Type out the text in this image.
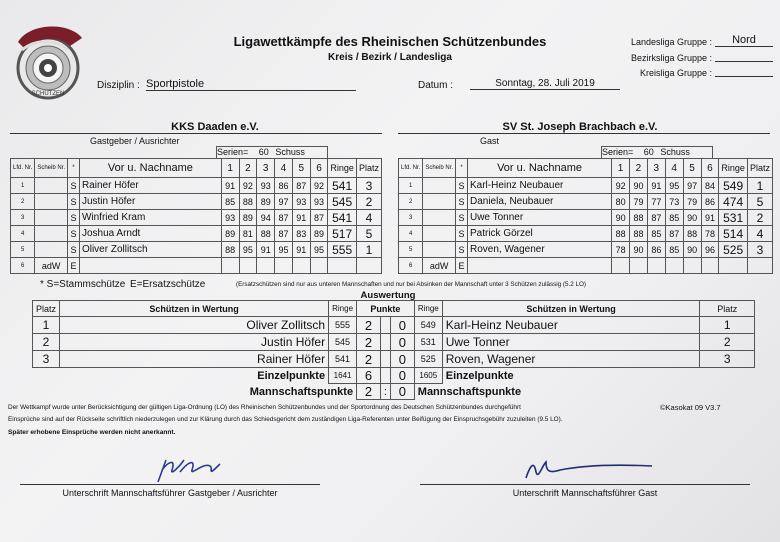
SCHÜTZEN
Ligawettkämpfe des Rheinischen Schützenbundes
Kreis / Bezirk / Landesliga
Landesliga Gruppe :	Nord
Bezirksliga Gruppe :
Kreisliga Gruppe :
Disziplin : Sportpistole	Datum :	Sonntag, 28. Juli 2019
KKS Daaden e.V.
Gastgeber / Ausrichter
SV St. Joseph Brachbach e.V.
Gast
Serien= 60 Schuss	Serien= 60 Schuss
Lfd. Nr.	Scheib Nr.	*	Vor u. Nachname	1	2	3	4	5	6	Ringe	Platz
1		S	Rainer Höfer	91	92	93	86	87	92	541	3
2		S	Justin Höfer	85	88	89	97	93	93	545	2
3		S	Winfried Kram	93	89	94	87	91	87	541	4
4		S	Joshua Arndt	89	81	88	87	83	89	517	5
5		S	Oliver Zollitsch	88	95	91	95	91	95	555	1
6	adW	E									
Lfd. Nr.	Scheib Nr.	*	Vor u. Nachname	1	2	3	4	5	6	Ringe	Platz
1		S	Karl-Heinz Neubauer	92	90	91	95	97	84	549	1
2		S	Daniela, Neubauer	80	79	77	73	79	86	474	5
3		S	Uwe Tonner	90	88	87	85	90	91	531	2
4		S	Patrick Görzel	88	88	85	87	88	78	514	4
5		S	Roven, Wagener	78	90	86	85	90	96	525	3
6	adW	E									
* S=Stammschütze E=Ersatzschütze	(Ersatzschützen sind nur aus unteren Mannschaften und nur bei Absinken der Mannschaft unter 3 Schützen zulässig (5.2 LO)
Auswertung
Platz	Schützen in Wertung	Ringe	Punkte			Ringe	Schützen in Wertung	Platz
1	Oliver Zollitsch	555	2		0	549	Karl-Heinz Neubauer	1
2	Justin Höfer	545	2		0	531	Uwe Tonner	2
3	Rainer Höfer	541	2		0	525	Roven, Wagener	3
Einzelpunkte		1641	6		0	1605	Einzelpunkte	
Mannschaftspunkte			2	:	0	Mannschaftspunkte		
Der Wettkampf wurde unter Berücksichtigung der gültigen Liga-Ordnung (LO) des Rheinischen Schützenbundes und der Sportordnung des Deutschen Schützenbundes durchgeführt	©Kasokat 09 V3.7
Einsprüche sind auf der Rückseite schriftlich niederzulegen und zur Klärung durch das Schiedsgericht dem zuständigen Liga-Referenten unter Beifügung der Einspruchsgebühr zuzuleiten (9.5 LO).
Später erhobene Einsprüche werden nicht anerkannt.
Unterschrift Mannschaftsführer Gastgeber / Ausrichter	Unterschrift Mannschaftsführer Gast
